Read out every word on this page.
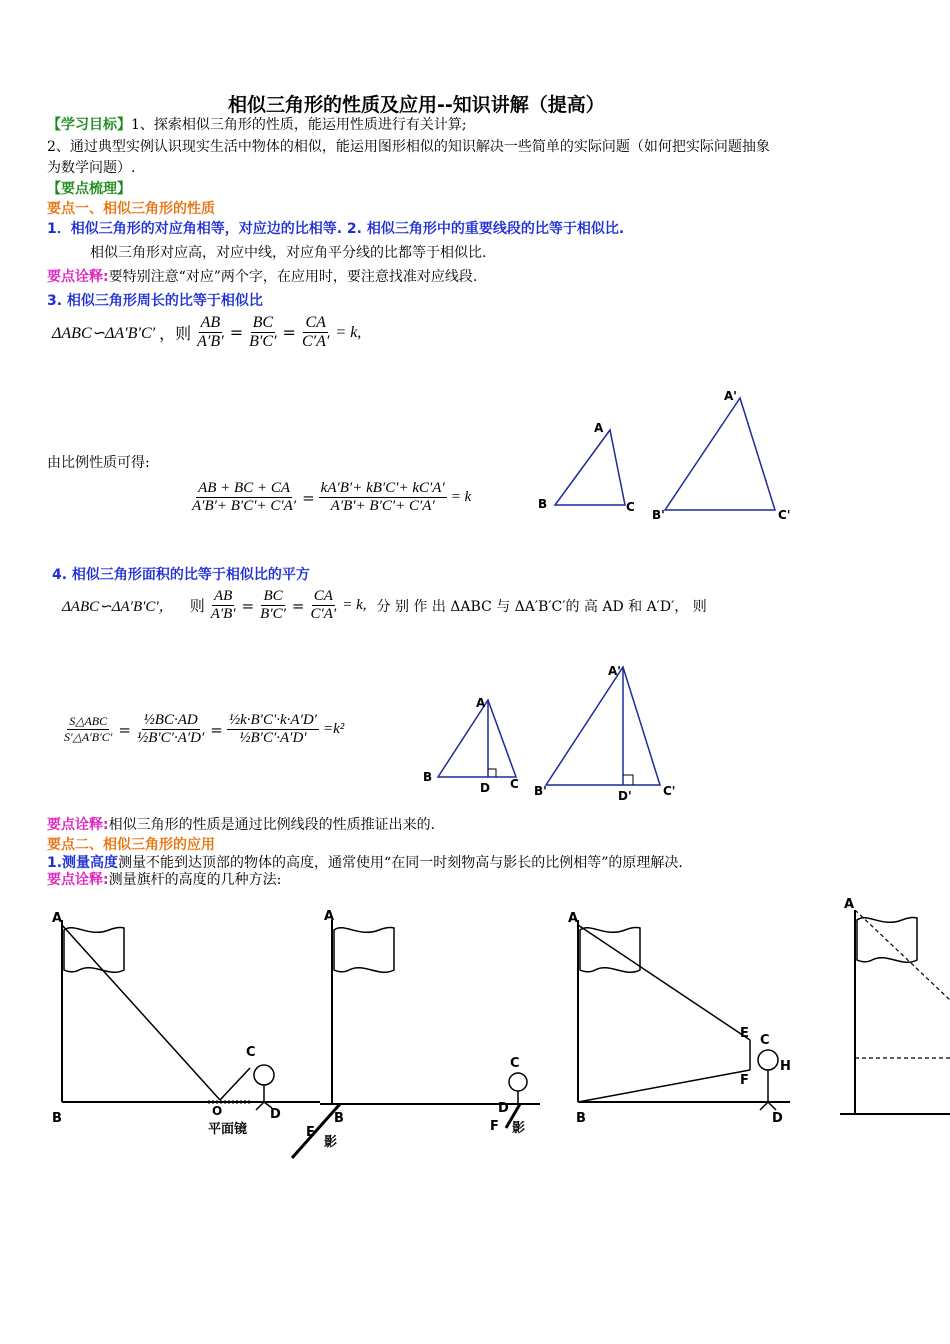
相似三角形的性质及应用--知识讲解（提高）
【学习目标】1、探索相似三角形的性质，能运用性质进行有关计算;
2、通过典型实例认识现实生活中物体的相似，能运用图形相似的知识解决一些简单的实际问题（如何把实际问题抽象
为数学问题）.
【要点梳理】
要点一、相似三角形的性质
1．相似三角形的对应角相等，对应边的比相等. 2. 相似三角形中的重要线段的比等于相似比.
相似三角形对应高，对应中线，对应角平分线的比都等于相似比.
要点诠释:要特别注意“对应”两个字，在应用时，要注意找准对应线段.
3. 相似三角形周长的比等于相似比
ΔABC∽ΔA′B′C′ ，则 $\frac{AB}{A'B'} = \frac{BC}{B'C'} = \frac{CA}{C'A'} = k$,
由比例性质可得:
$\frac{AB + BC + CA}{A'B'+ B'C'+ C'A'} = \frac{kA'B'+ kB'C'+ kC'A'}{A'B'+ B'C'+ C'A'} = k$
A
B	C
A'
B'	C'
4. 相似三角形面积的比等于相似比的平方
ΔABC∽ΔA′B′C′， 则 $\frac{AB}{A'B'} = \frac{BC}{B'C'} = \frac{CA}{C'A'} = k$, 分 别 作 出 ΔABC 与 ΔA′B′C′的 高 AD 和 A′D′， 则
$\frac{\text{S△ABC}}{S'\triangle A'B'C'} = \frac{\text{½BC·AD}}{\text{½B′C′·A′D′}} = \frac{\text{½k·B′C′·k·A′D′}}{\text{½B′C′·A′D′}} =k^2$
A
B	C
D
A'
B'	C'
D'
要点诠释:相似三角形的性质是通过比例线段的性质推证出来的.
要点二、相似三角形的应用
1.测量高度测量不能到达顶部的物体的高度，通常使用“在同一时刻物高与影长的比例相等”的原理解决.
要点诠释:测量旗杆的高度的几种方法:
A
B
C
O	D
平面镜
A
B
E
影
C
D
F 影
A
B
E C
F
H
D
A
